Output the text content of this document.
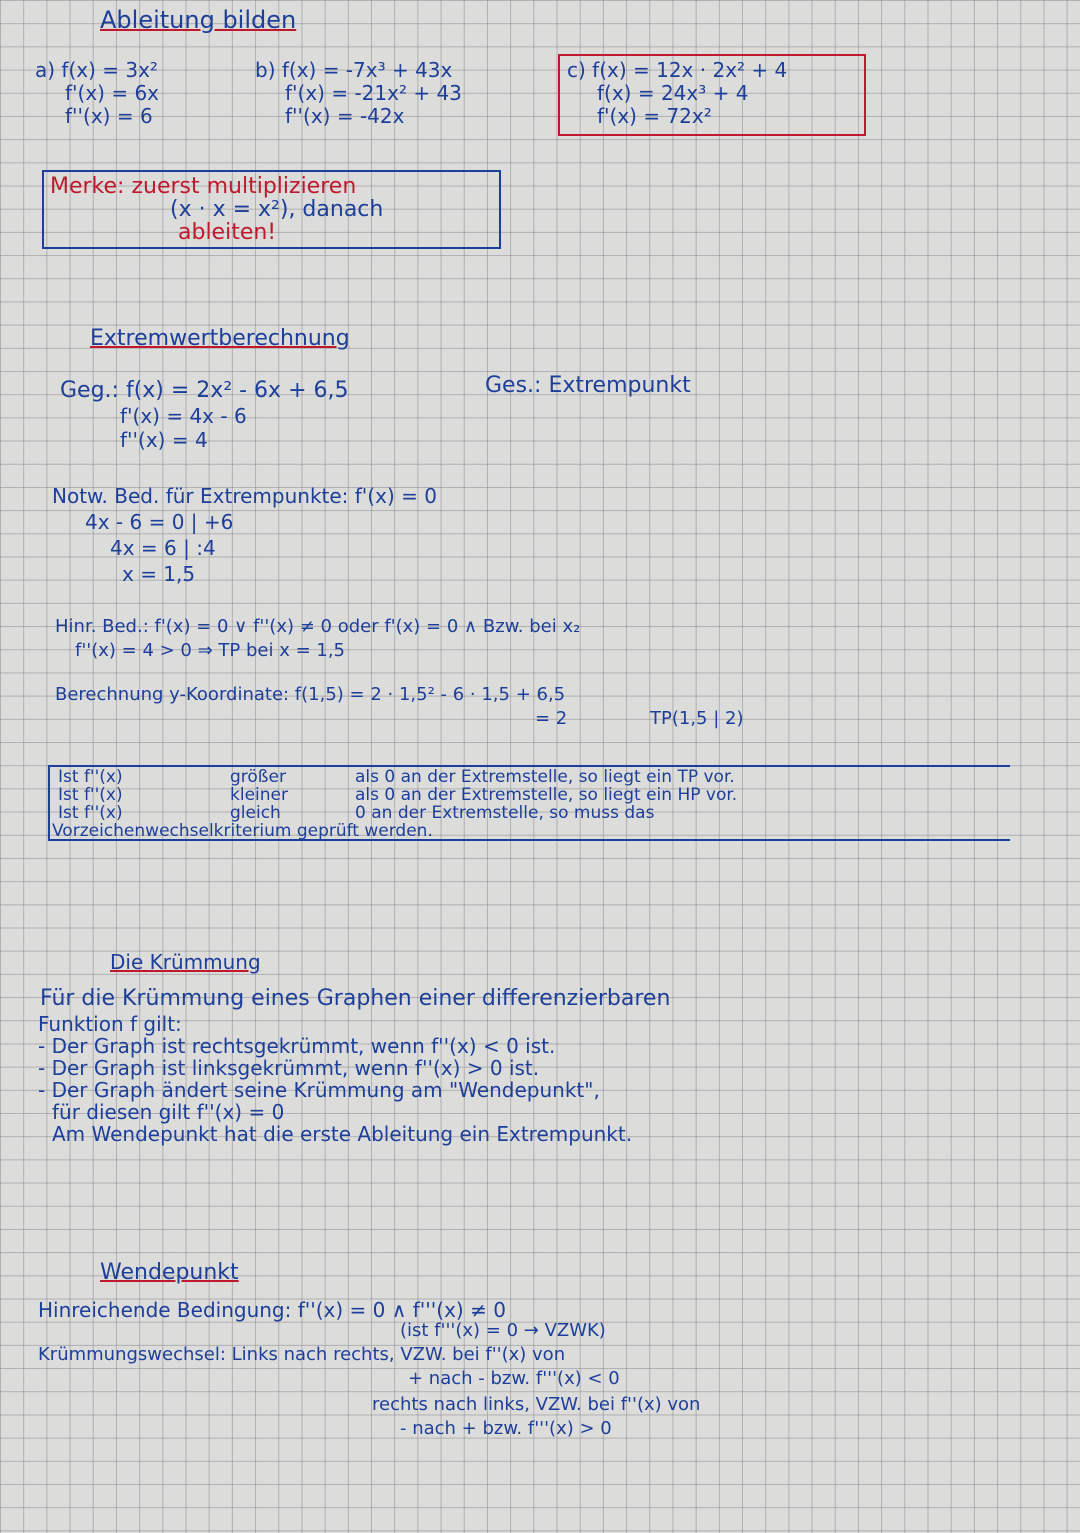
Ableitung bilden
a) f(x) = 3x²
f'(x) = 6x
f''(x) = 6
b) f(x) = -7x³ + 43x
f'(x) = -21x² + 43
f''(x) = -42x
c) f(x) = 12x · 2x² + 4
f(x) = 24x³ + 4
f'(x) = 72x²
Merke: zuerst multiplizieren
(x · x = x²), danach
ableiten!
Extremwertberechnung
Geg.: f(x) = 2x² - 6x + 6,5
f'(x) = 4x - 6
f''(x) = 4
Ges.: Extrempunkt
Notw. Bed. für Extrempunkte: f'(x) = 0
4x - 6 = 0 | +6
4x = 6 | :4
x = 1,5
Hinr. Bed.: f'(x) = 0 ∨ f''(x) ≠ 0 oder f'(x) = 0 ∧ Bzw. bei x₂
f''(x) = 4 > 0 ⇒ TP bei x = 1,5
Berechnung y-Koordinate: f(1,5) = 2 · 1,5² - 6 · 1,5 + 6,5
= 2	TP(1,5 | 2)
Ist f''(x)	größer	als 0 an der Extremstelle, so liegt ein TP vor.
Ist f''(x)	kleiner	als 0 an der Extremstelle, so liegt ein HP vor.
Ist f''(x)	gleich	0 an der Extremstelle, so muss das
Vorzeichenwechselkriterium geprüft werden.
Die Krümmung
Für die Krümmung eines Graphen einer differenzierbaren
Funktion f gilt:
- Der Graph ist rechtsgekrümmt, wenn f''(x) < 0 ist.
- Der Graph ist linksgekrümmt, wenn f''(x) > 0 ist.
- Der Graph ändert seine Krümmung am "Wendepunkt",
für diesen gilt f''(x) = 0
Am Wendepunkt hat die erste Ableitung ein Extrempunkt.
Wendepunkt
Hinreichende Bedingung: f''(x) = 0 ∧ f'''(x) ≠ 0
(ist f'''(x) = 0 → VZWK)
Krümmungswechsel: Links nach rechts, VZW. bei f''(x) von
+ nach - bzw. f'''(x) < 0
rechts nach links, VZW. bei f''(x) von
- nach + bzw. f'''(x) > 0
